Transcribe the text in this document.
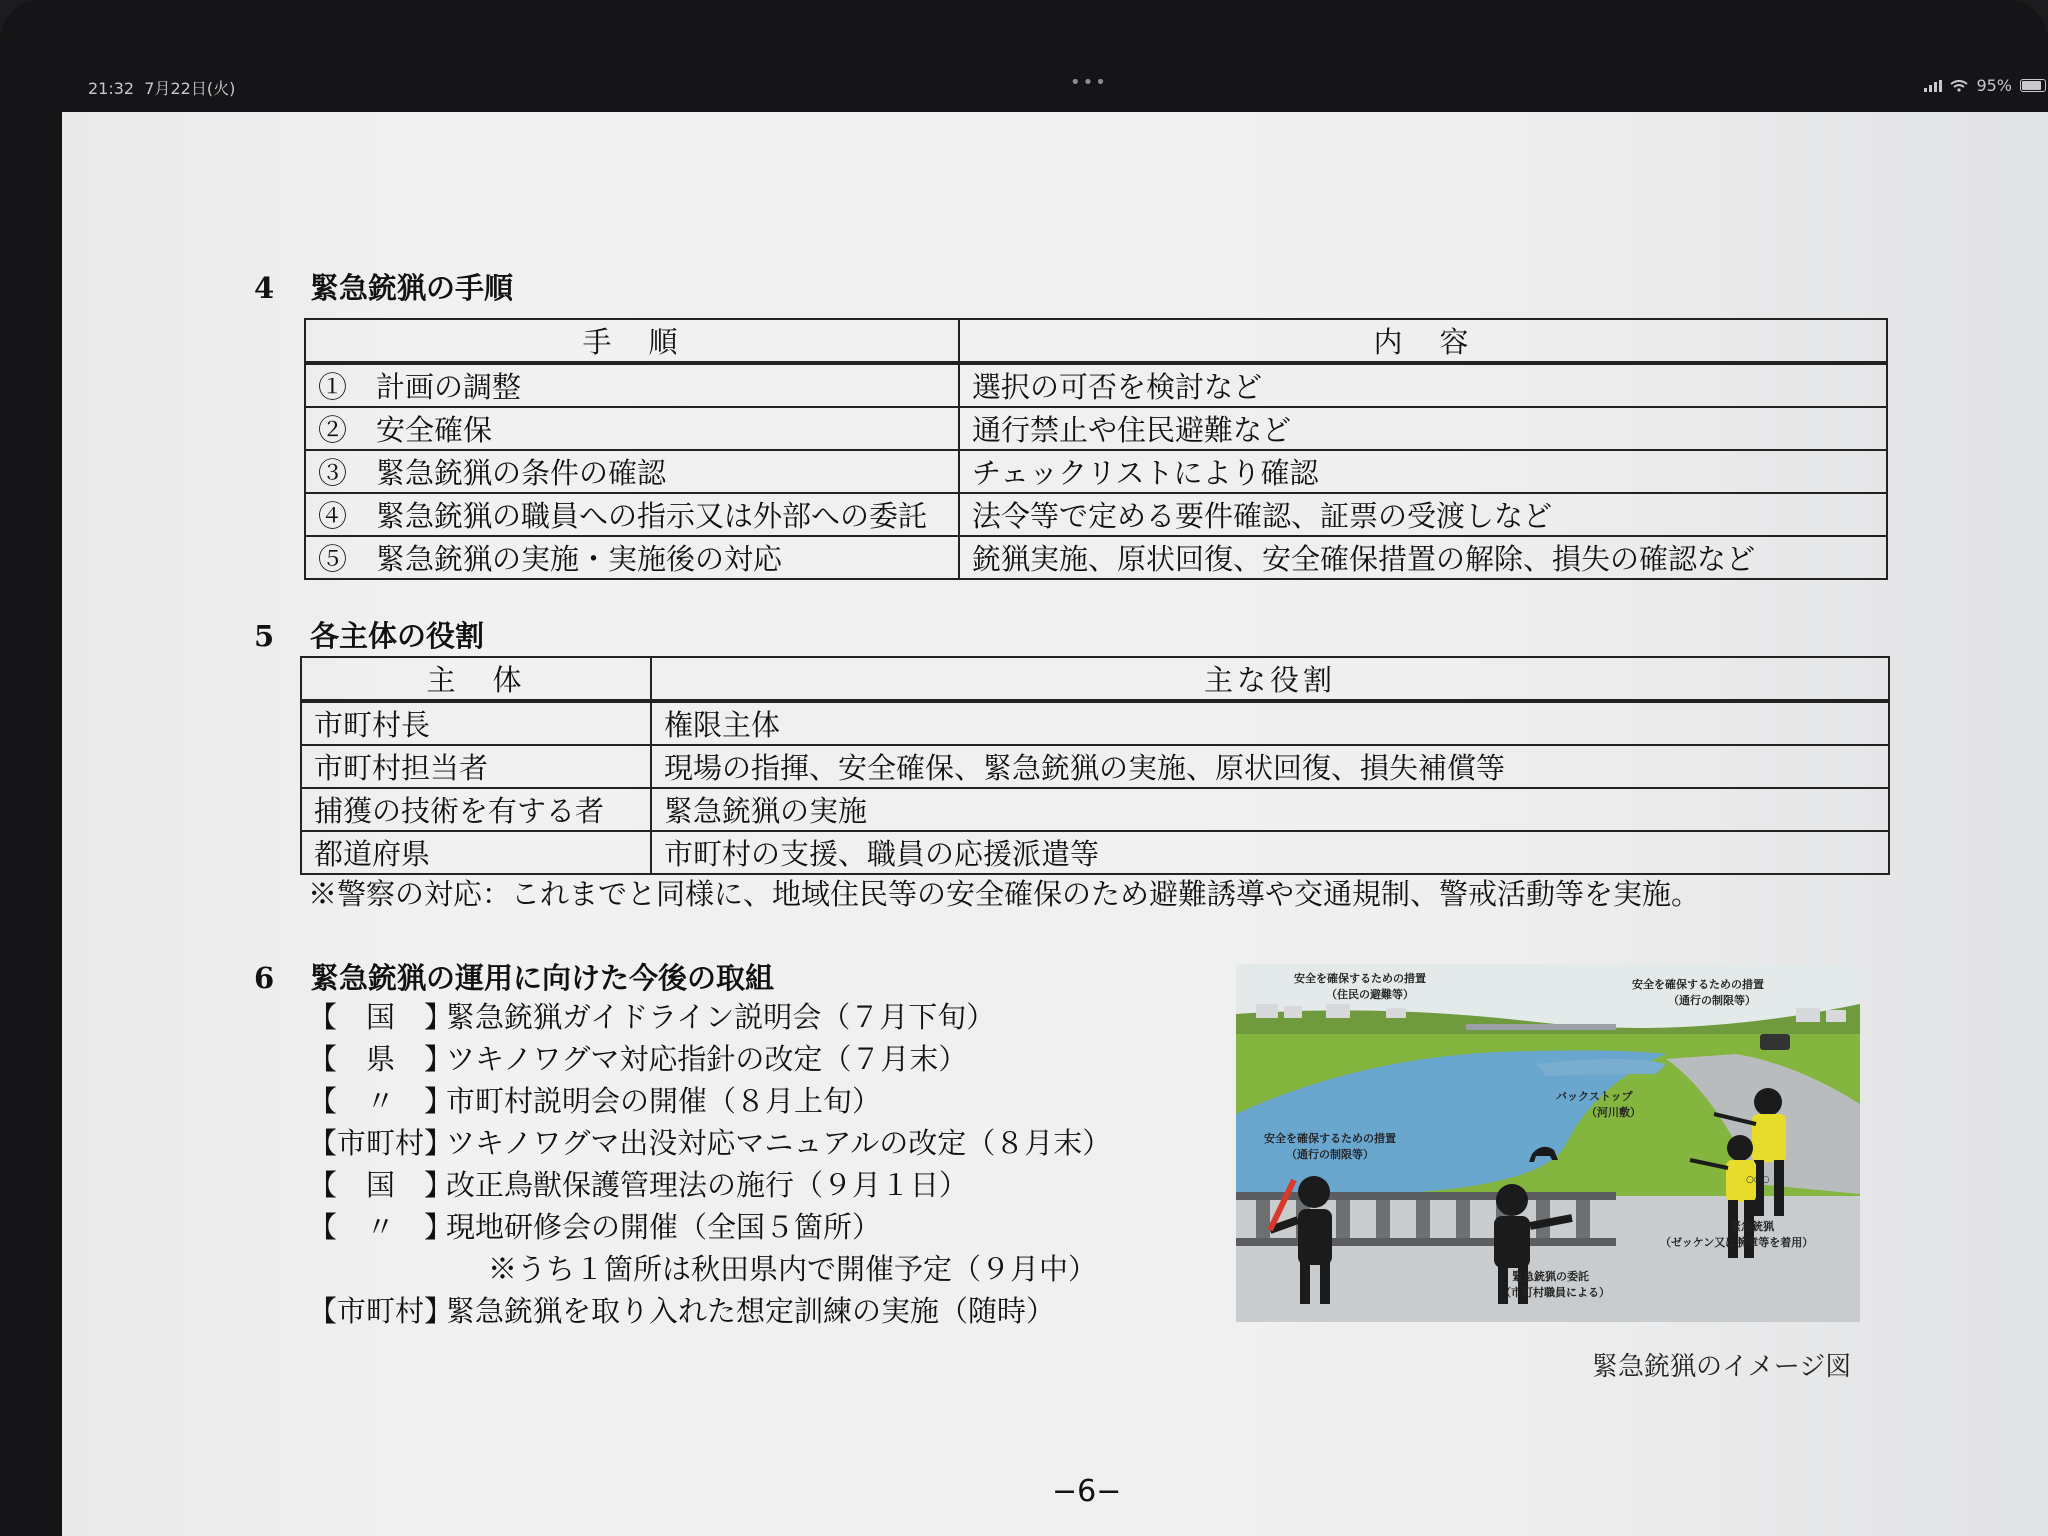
21:32 7月22日(火)	•••	95%
4 緊急銃猟の手順
手　順	内　容
①　計画の調整	選択の可否を検討など
②　安全確保	通行禁止や住民避難など
③　緊急銃猟の条件の確認	チェックリストにより確認
④　緊急銃猟の職員への指示又は外部への委託	法令等で定める要件確認、証票の受渡しなど
⑤　緊急銃猟の実施・実施後の対応	銃猟実施、原状回復、安全確保措置の解除、損失の確認など
5 各主体の役割
主　体	主な役割
市町村長	権限主体
市町村担当者	現場の指揮、安全確保、緊急銃猟の実施、原状回復、損失補償等
捕獲の技術を有する者	緊急銃猟の実施
都道府県	市町村の支援、職員の応援派遣等
※警察の対応：これまでと同様に、地域住民等の安全確保のため避難誘導や交通規制、警戒活動等を実施。
6 緊急銃猟の運用に向けた今後の取組
【　国　】
緊急銃猟ガイドライン説明会（７月下旬）
【　県　】
ツキノワグマ対応指針の改定（７月末）
【　〃　】
市町村説明会の開催（８月上旬）
【市町村】
ツキノワグマ出没対応マニュアルの改定（８月末）
【　国　】
改正鳥獣保護管理法の施行（９月１日）
【　〃　】
現地研修会の開催（全国５箇所）
※うち１箇所は秋田県内で開催予定（９月中）
【市町村】
緊急銃猟を取り入れた想定訓練の実施（随時）
○○○
安全を確保するための措置
（住民の避難等）
安全を確保するための措置
（通行の制限等）
安全を確保するための措置
（通行の制限等）
バックストップ
（河川敷）
緊急銃猟
（ゼッケン又は腕章等を着用）
緊急銃猟の委託
（市町村職員による）
緊急銃猟のイメージ図
−6−
